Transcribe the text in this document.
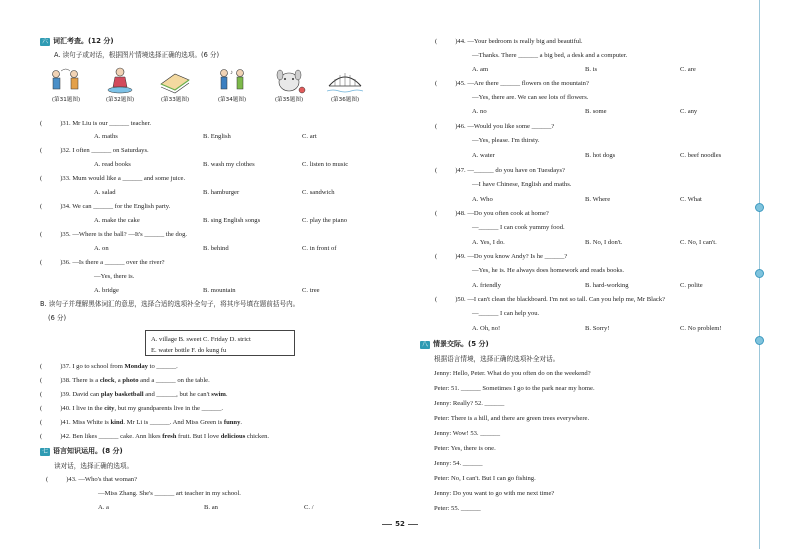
六 词汇考查。(12 分)
A. 读句子或对话，根据图片情境选择正确的选项。(6 分)
(第31题图)	(第32题图)	(第33题图)
♪
(第34题图)	(第35题图)	(第36题图)
(	)31. Mr Liu is our ______ teacher.
A. maths	B. English	C. art
(	)32. I often ______ on Saturdays.
A. read books	B. wash my clothes	C. listen to music
(	)33. Mum would like a ______ and some juice.
A. salad	B. hamburger	C. sandwich
(	)34. We can ______ for the English party.
A. make the cake	B. sing English songs	C. play the piano
(	)35. —Where is the ball? —It's ______ the dog.
A. on	B. behind	C. in front of
(	)36. —Is there a ______ over the river?
—Yes, there is.
A. bridge	B. mountain	C. tree
B. 读句子并理解黑体词汇的意思，选择合适的选项补全句子，将其序号填在题前括号内。
(6 分)
A. village B. sweet C. Friday D. strict
E. water bottle F. do kung fu
(	)37. I go to school from Monday to ______.
(	)38. There is a clock, a photo and a ______ on the table.
(	)39. David can play basketball and ______, but he can't swim.
(	)40. I live in the city, but my grandparents live in the ______.
(	)41. Miss White is kind. Mr Li is ______. And Miss Green is funny.
(	)42. Ben likes ______ cake. Ann likes fresh fruit. But I love delicious chicken.
七 语言知识运用。(8 分)
读对话，选择正确的选项。
(	)43. —Who's that woman?
—Miss Zhang. She's ______ art teacher in my school.
A. a	B. an	C. /
(	)44. —Your bedroom is really big and beautiful.
—Thanks. There ______ a big bed, a desk and a computer.
A. am	B. is	C. are
(	)45. —Are there ______ flowers on the mountain?
—Yes, there are. We can see lots of flowers.
A. no	B. some	C. any
(	)46. —Would you like some ______?
—Yes, please. I'm thirsty.
A. water	B. hot dogs	C. beef noodles
(	)47. —______ do you have on Tuesdays?
—I have Chinese, English and maths.
A. Who	B. Where	C. What
(	)48. —Do you often cook at home?
—______ I can cook yummy food.
A. Yes, I do.	B. No, I don't.	C. No, I can't.
(	)49. —Do you know Andy? Is he ______?
—Yes, he is. He always does homework and reads books.
A. friendly	B. hard-working	C. polite
(	)50. —I can't clean the blackboard. I'm not so tall. Can you help me, Mr Black?
—______ I can help you.
A. Oh, no!	B. Sorry!	C. No problem!
八 情景交际。(5 分)
根据语言情境，选择正确的选项补全对话。
Jenny: Hello, Peter. What do you often do on the weekend?
Peter: 51. ______ Sometimes I go to the park near my home.
Jenny: Really? 52. ______
Peter: There is a hill, and there are green trees everywhere.
Jenny: Wow! 53. ______
Peter: Yes, there is one.
Jenny: 54. ______
Peter: No, I can't. But I can go fishing.
Jenny: Do you want to go with me next time?
Peter: 55. ______
52
